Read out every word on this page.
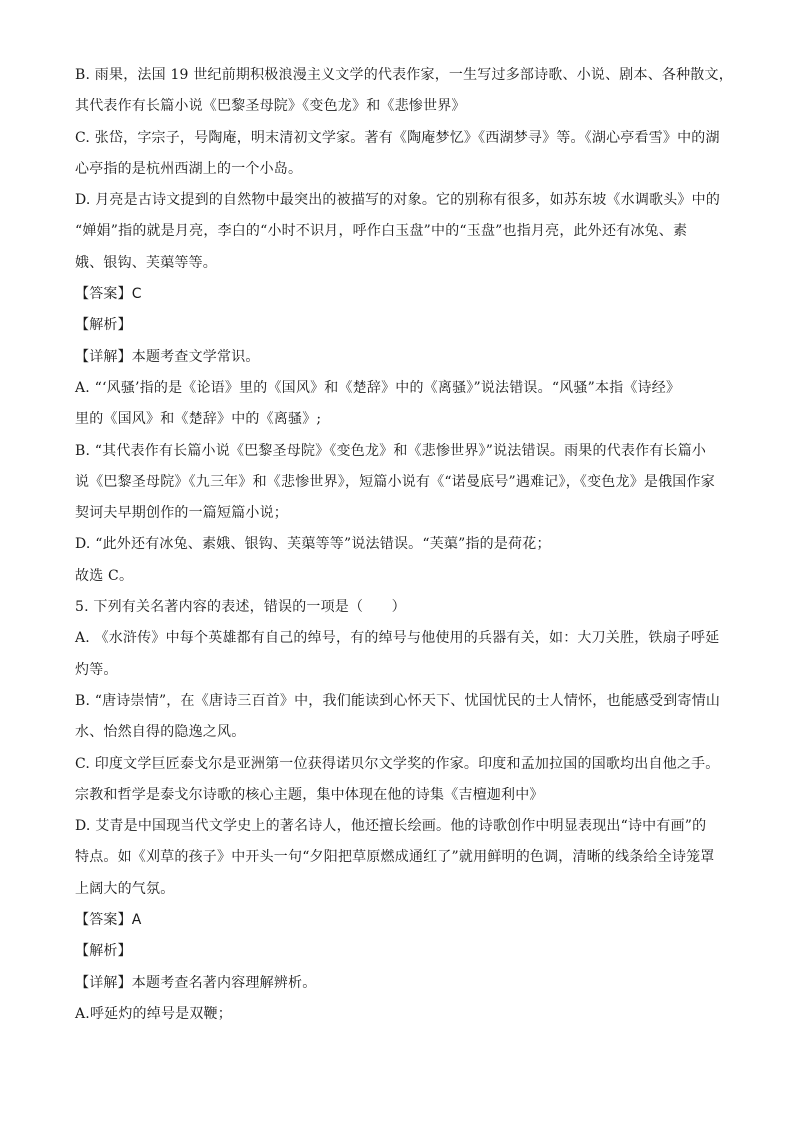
B. 雨果，法国 19 世纪前期积极浪漫主义文学的代表作家，一生写过多部诗歌、小说、剧本、各种散文，
其代表作有长篇小说《巴黎圣母院》《变色龙》和《悲惨世界》
C. 张岱，字宗子，号陶庵，明末清初文学家。著有《陶庵梦忆》《西湖梦寻》等。《湖心亭看雪》中的湖
心亭指的是杭州西湖上的一个小岛。
D. 月亮是古诗文提到的自然物中最突出的被描写的对象。它的别称有很多，如苏东坡《水调歌头》中的
“婵娟”指的就是月亮，李白的“小时不识月，呼作白玉盘”中的“玉盘”也指月亮，此外还有冰兔、素
娥、银钩、芙蕖等等。
【答案】C
【解析】
【详解】本题考查文学常识。
A. “‘风骚’指的是《论语》里的《国风》和《楚辞》中的《离骚》”说法错误。“风骚”本指《诗经》
里的《国风》和《楚辞》中的《离骚》;
B. “其代表作有长篇小说《巴黎圣母院》《变色龙》和《悲惨世界》”说法错误。雨果的代表作有长篇小
说《巴黎圣母院》《九三年》和《悲惨世界》，短篇小说有《“诺曼底号”遇难记》，《变色龙》是俄国作家
契诃夫早期创作的一篇短篇小说；
D. “此外还有冰兔、素娥、银钩、芙蕖等等”说法错误。“芙蕖”指的是荷花；
故选 C。
5. 下列有关名著内容的表述，错误的一项是（　　）
A. 《水浒传》中每个英雄都有自己的绰号，有的绰号与他使用的兵器有关，如：大刀关胜，铁扇子呼延
灼等。
B. “唐诗崇情”，在《唐诗三百首》中，我们能读到心怀天下、忧国忧民的士人情怀，也能感受到寄情山
水、怡然自得的隐逸之风。
C. 印度文学巨匠泰戈尔是亚洲第一位获得诺贝尔文学奖的作家。印度和孟加拉国的国歌均出自他之手。
宗教和哲学是泰戈尔诗歌的核心主题，集中体现在他的诗集《吉檀迦利中》
D. 艾青是中国现当代文学史上的著名诗人，他还擅长绘画。他的诗歌创作中明显表现出“诗中有画”的
特点。如《刈草的孩子》中开头一句“夕阳把草原燃成通红了”就用鲜明的色调，清晰的线条给全诗笼罩
上阔大的气氛。
【答案】A
【解析】
【详解】本题考查名著内容理解辨析。
A.呼延灼的绰号是双鞭；
